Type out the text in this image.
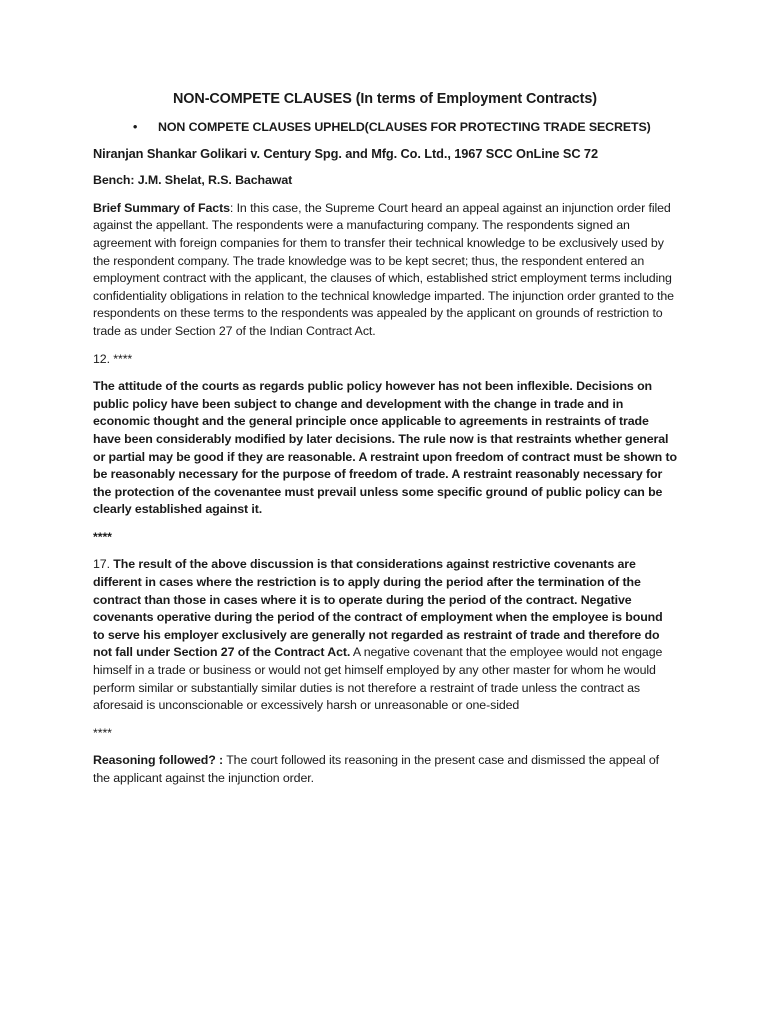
NON-COMPETE CLAUSES (In terms of Employment Contracts)
•	NON COMPETE CLAUSES UPHELD(CLAUSES FOR PROTECTING TRADE SECRETS)
Niranjan Shankar Golikari v. Century Spg. and Mfg. Co. Ltd., 1967 SCC OnLine SC 72
Bench: J.M. Shelat, R.S. Bachawat

Brief Summary of Facts: In this case, the Supreme Court heard an appeal against an injunction order filed against the appellant. The respondents were a manufacturing company. The respondents signed an agreement with foreign companies for them to transfer their technical knowledge to be exclusively used by the respondent company. The trade knowledge was to be kept secret; thus, the respondent entered an employment contract with the applicant, the clauses of which, established strict employment terms including confidentiality obligations in relation to the technical knowledge imparted. The injunction order granted to the respondents on these terms to the respondents was appealed by the applicant on grounds of restriction to trade as under Section 27 of the Indian Contract Act.

12. ****

The attitude of the courts as regards public policy however has not been inflexible. Decisions on public policy have been subject to change and development with the change in trade and in economic thought and the general principle once applicable to agreements in restraints of trade have been considerably modified by later decisions. The rule now is that restraints whether general or partial may be good if they are reasonable. A restraint upon freedom of contract must be shown to be reasonably necessary for the purpose of freedom of trade. A restraint reasonably necessary for the protection of the covenantee must prevail unless some specific ground of public policy can be clearly established against it.

****

17. The result of the above discussion is that considerations against restrictive covenants are different in cases where the restriction is to apply during the period after the termination of the contract than those in cases where it is to operate during the period of the contract. Negative covenants operative during the period of the contract of employment when the employee is bound to serve his employer exclusively are generally not regarded as restraint of trade and therefore do not fall under Section 27 of the Contract Act. A negative covenant that the employee would not engage himself in a trade or business or would not get himself employed by any other master for whom he would perform similar or substantially similar duties is not therefore a restraint of trade unless the contract as aforesaid is unconscionable or excessively harsh or unreasonable or one-sided

****

Reasoning followed? : The court followed its reasoning in the present case and dismissed the appeal of the applicant against the injunction order.
